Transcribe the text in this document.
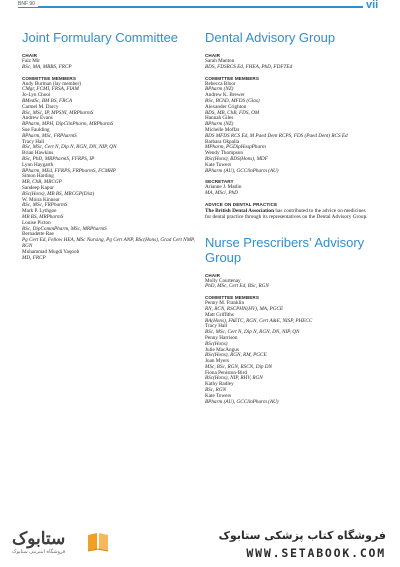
BNF 90	vii
Joint Formulary Committee
CHAIR
Faiz Mir
BSc, MA, MBBS, FRCP
COMMITTEE MEMBERS
Andy Burman (lay member)
CMgr, FCMI, FRSA, FIAM
Jo-Lyn Chooi
BMedSc, BM BS, FRCA
Carmel M. Darcy
BSc, MSc, IP, MPSNI, MRPharmS
Andrew Evans
BPharm, MPH, DipClinPharm, MRPharmS
Sue Faulding
BPharm, MSc, FRPharmS
Tracy Hall
BSc, MSc, Cert N, Dip N, RGN, DN, NIP, QN
Brian Hawkins
BSc, PhD, MRPharmS, FFRPS, IP
Lynn Haygarth
BPharm, MEd, FFRPS, FRPharmS, FCMHP
Simon Harding
MB, ChB, MRCGP
Sandeep Kapur
BSc(Hons), MB BS, MRCGP(Dist)
W. Moira Kinnear
BSc, MSc, FRPharmS
Mark P. Lythgoe
MB BS, MRPharmS
Louise Picton
BSc, DipCommPharm, MSc, MRPharmS
Bernadette Rae
Pg Cert Ed, Fellow HEA, MSc Nursing, Pg Cert ANP, BSc(Hons), Grad Cert NMP, RGN
Muhammad Mugdi Yaqoob
MD, FRCP
Dental Advisory Group
CHAIR
Sarah Manton
BDS, FDSRCS Ed, FHEA, PhD, FDFTEd
COMMITTEE MEMBERS
Rebecca Bloor
BPharm (NZ)
Andrew K. Brewer
BSc, BChD, MFDS (Glas)
Alexander Crighton
BDS, MB, ChB, FDS, OM
Hannah Giles
BPharm (NZ)
Michelle Moffat
BDS MFDS RCS Ed, M Paed Dent RCPS, FDS (Paed Dent) RCS Ed
Barbara Okpalla
MPharm, PGDipHospPharm
Wendy Thompson
BSc(Hons), BDS(Hons), MDF
Kate Towers
BPharm (AU), GCClinPharm (AU)
SECRETARY
Arianne J. Matlin
MA, MSci, PhD
ADVICE ON DENTAL PRACTICE
The British Dental Association has contributed to the advice on medicines for dental practice through its representatives on the Dental Advisory Group.
Nurse Prescribers’ Advisory Group
CHAIR
Molly Courtenay
PhD, MSc, Cert Ed, BSc, RGN
COMMITTEE MEMBERS
Penny M. Franklin
RN, RCN, RSCPHN(HV), MA, PGCE
Matt Griffiths
BA(Hons), FAETC, RGN, Cert A&E, NISP, PHECC
Tracy Hall
BSc, MSc, Cert N, Dip N, RGN, DN, NIP, QN
Penny Harrison
BSc(Hons)
Julie MacAngus
BSc(Hons), RGN, RM, PGCE
Joan Myers
MSc, BSc, RGN, RSCN, Dip DN
Fiona Peniston-Bird
BSc(Hons), NIP, RHV, RGN
Kathy Radley
BSc, RGN
Kate Towers
BPharm (AU), GCClinPharm (AU)
ستابوک
فروشگاه اینترنتی ستابوک
فروشگاه کتاب پزشکی ستابوک
WWW.SETABOOK.COM
